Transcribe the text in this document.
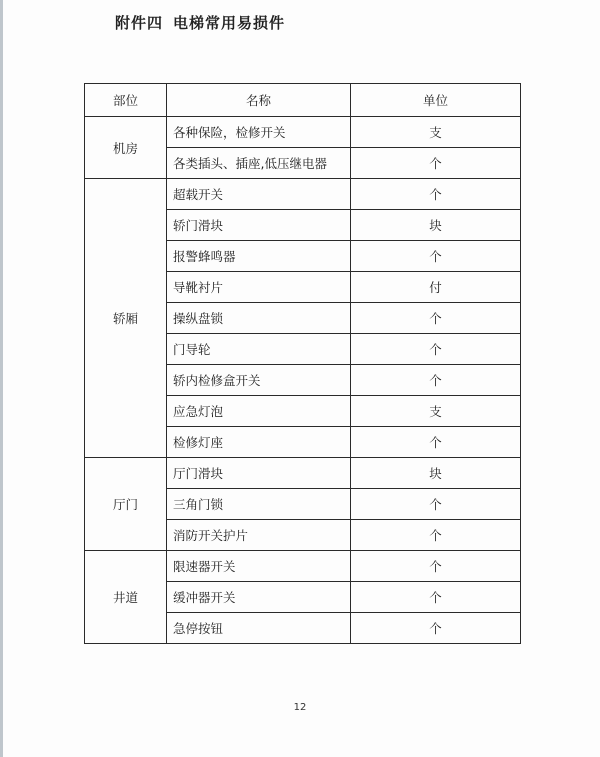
附件四 电梯常用易损件
部位	名称	单位
机房	各种保险，检修开关	支
	各类插头、插座,低压继电器	个
轿厢	超载开关	个
	轿门滑块	块
	报警蜂鸣器	个
	导靴衬片	付
	操纵盘锁	个
	门导轮	个
	轿内检修盒开关	个
	应急灯泡	支
	检修灯座	个
厅门	厅门滑块	块
	三角门锁	个
	消防开关护片	个
井道	限速器开关	个
	缓冲器开关	个
	急停按钮	个
12
